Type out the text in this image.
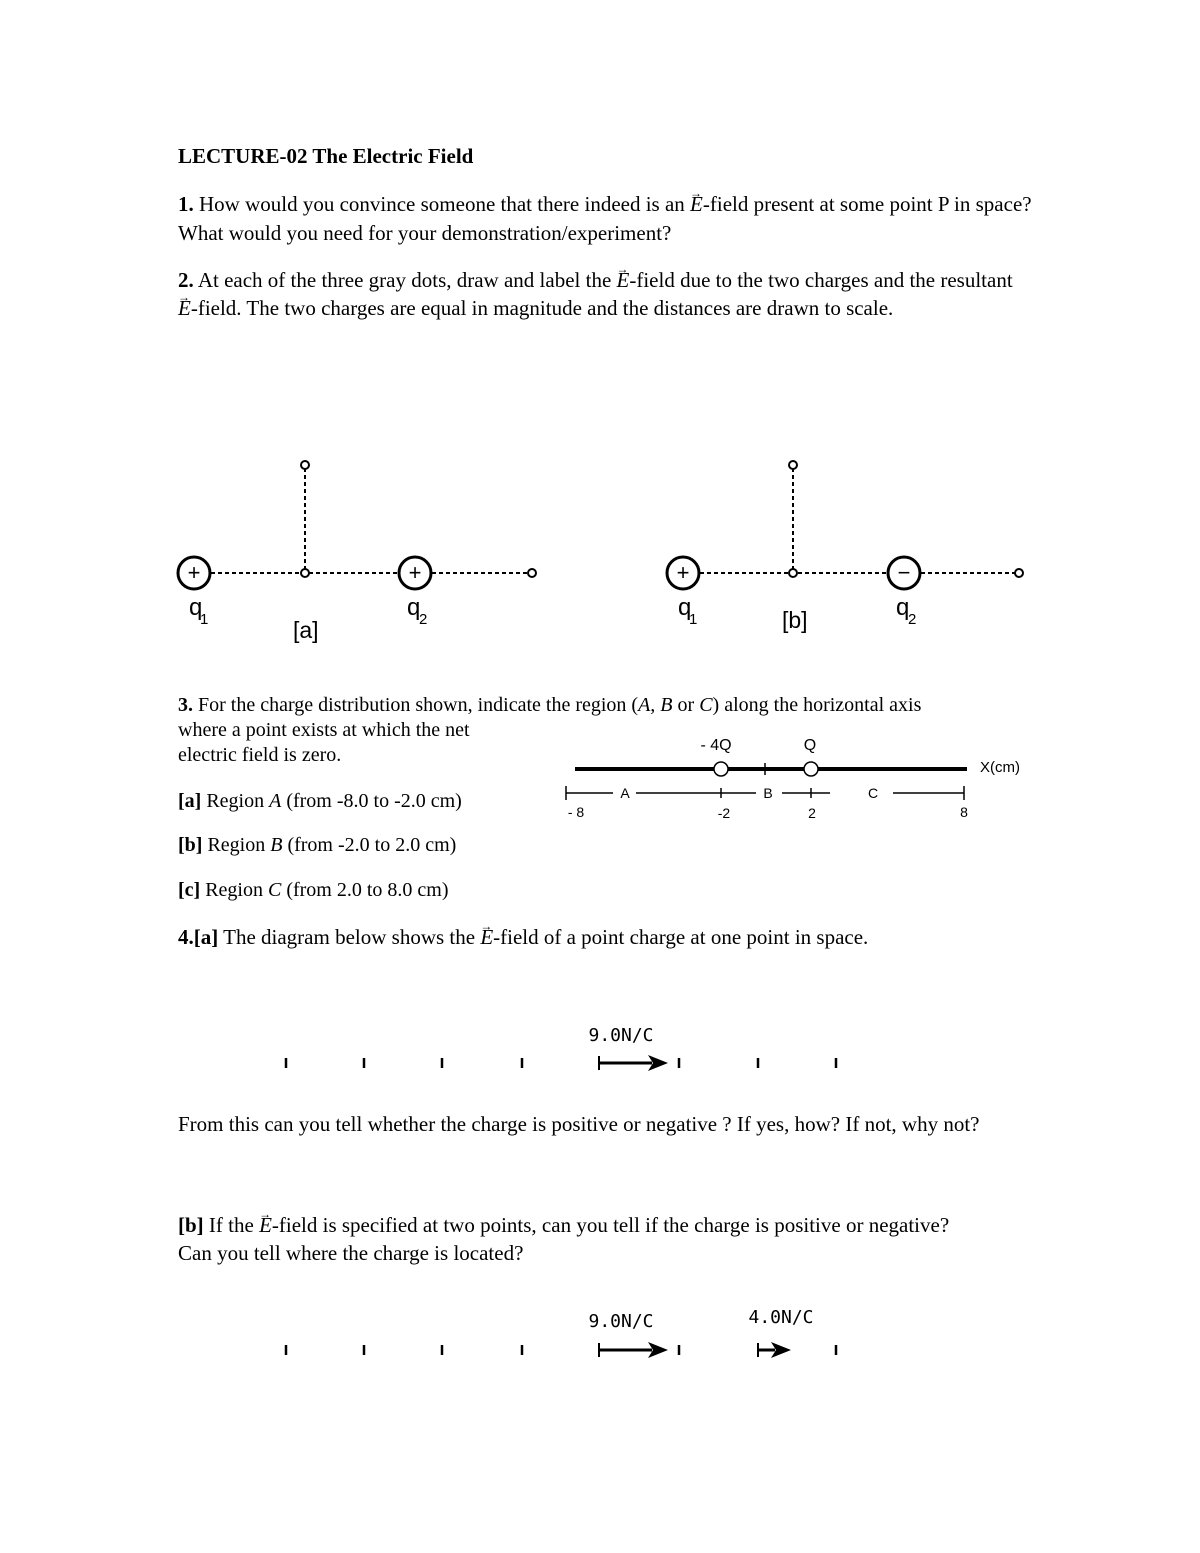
LECTURE-02 The Electric Field

1. How would you convince someone that there indeed is an → E-field present at some point P in space? What would you need for your demonstration/experiment?

2. At each of the three gray dots, draw and label the → E-field due to the two charges and the resultant → E-field. The two charges are equal in magnitude and the distances are drawn to scale.

+	+
q
1	q
2
[a]
+	−
q
1	q
2
[b]

3. For the charge distribution shown, indicate the region (A, B or C) along the horizontal axis

where a point exists at which the net

electric field is zero.

[a] Region A (from -8.0 to -2.0 cm)

[b] Region B (from -2.0 to 2.0 cm)

[c] Region C (from 2.0 to 8.0 cm)

- 4Q	Q
X(cm)
A	B	C
- 8	-2	2	8

4.[a] The diagram below shows the → E-field of a point charge at one point in space.

9.0N/C

From this can you tell whether the charge is positive or negative ? If yes, how? If not, why not?

[b] If the → E-field is specified at two points, can you tell if the charge is positive or negative? Can you tell where the charge is located?

9.0N/C	4.0N/C
